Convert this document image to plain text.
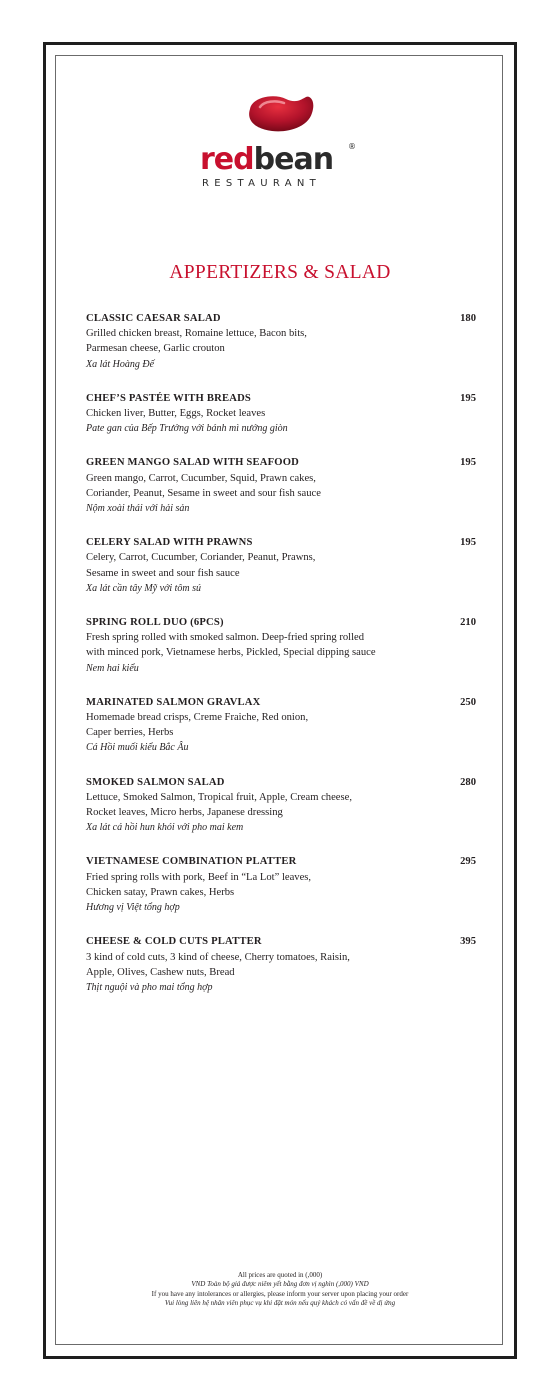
redbean ®
RESTAURANT
APPERTIZERS & SALAD
CLASSIC CAESAR SALAD	180
Grilled chicken breast, Romaine lettuce, Bacon bits,
Parmesan cheese, Garlic crouton
Xa lát Hoàng Đế
CHEF’S PASTÉE WITH BREADS	195
Chicken liver, Butter, Eggs, Rocket leaves
Pate gan của Bếp Trưởng với bánh mì nướng giòn
GREEN MANGO SALAD WITH SEAFOOD	195
Green mango, Carrot, Cucumber, Squid, Prawn cakes,
Coriander, Peanut, Sesame in sweet and sour fish sauce
Nộm xoài thái với hải sản
CELERY SALAD WITH PRAWNS	195
Celery, Carrot, Cucumber, Coriander, Peanut, Prawns,
Sesame in sweet and sour fish sauce
Xa lát cần tây Mỹ với tôm sú
SPRING ROLL DUO (6PCS)	210
Fresh spring rolled with smoked salmon. Deep-fried spring rolled
with minced pork, Vietnamese herbs, Pickled, Special dipping sauce
Nem hai kiểu
MARINATED SALMON GRAVLAX	250
Homemade bread crisps, Creme Fraiche, Red onion,
Caper berries, Herbs
Cá Hồi muối kiểu Bắc Âu
SMOKED SALMON SALAD	280
Lettuce, Smoked Salmon, Tropical fruit, Apple, Cream cheese,
Rocket leaves, Micro herbs, Japanese dressing
Xa lát cá hồi hun khói với pho mai kem
VIETNAMESE COMBINATION PLATTER	295
Fried spring rolls with pork, Beef in “La Lot” leaves,
Chicken satay, Prawn cakes, Herbs
Hương vị Việt tổng hợp
CHEESE & COLD CUTS PLATTER	395
3 kind of cold cuts, 3 kind of cheese, Cherry tomatoes, Raisin,
Apple, Olives, Cashew nuts, Bread
Thịt nguội và pho mai tổng hợp
All prices are quoted in (,000)
VND Toàn bộ giá được niêm yết bằng đơn vị nghìn (,000) VND
If you have any intolerances or allergies, please inform your server upon placing your order
Vui lòng liên hệ nhân viên phục vụ khi đặt món nếu quý khách có vấn đề về dị ứng
